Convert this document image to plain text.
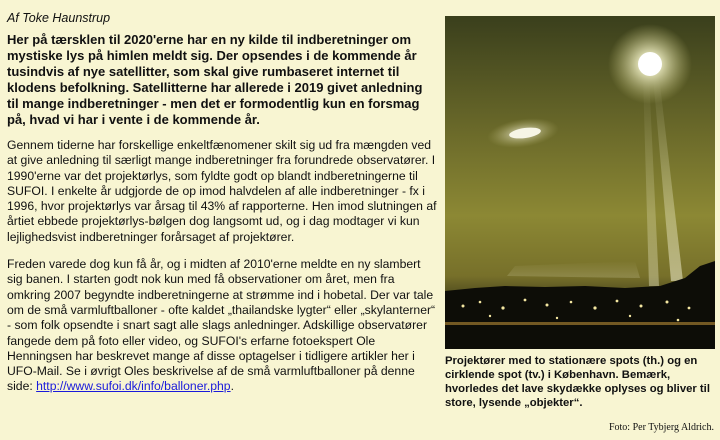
Af Toke Haunstrup

Her på tærsklen til 2020'erne har en ny kilde til indberetninger om mystiske lys på himlen meldt sig. Der opsendes i de kommende år tusindvis af nye satellitter, som skal give rumbaseret internet til klodens befolkning. Satellitterne har allerede i 2019 givet anledning til mange indberetninger - men det er formodentlig kun en forsmag på, hvad vi har i vente i de kommende år.

Gennem tiderne har forskellige enkeltfænomener skilt sig ud fra mængden ved at give anledning til særligt mange indberetninger fra forundrede observatører. I 1990'erne var det projektørlys, som fyldte godt op blandt indberetningerne til SUFOI. I enkelte år udgjorde de op imod halvdelen af alle indberetninger - fx i 1996, hvor projektørlys var årsag til 43% af rapporterne. Hen imod slutningen af årtiet ebbede projektørlys-bølgen dog langsomt ud, og i dag modtager vi kun lejlighedsvist indberetninger forårsaget af projektører.

Freden varede dog kun få år, og i midten af 2010'erne meldte en ny slambert sig banen. I starten godt nok kun med få observationer om året, men fra omkring 2007 begyndte indberetningerne at strømme ind i hobetal. Der var tale om de små varmluftballoner - ofte kaldet „thailandske lygter“ eller „skylanterner“ - som folk opsendte i snart sagt alle slags anledninger. Adskillige observatører fangede dem på foto eller video, og SUFOI's erfarne fotoekspert Ole Henningsen har beskrevet mange af disse optagelser i tidligere artikler her i UFO-Mail. Se i øvrigt Oles beskrivelse af de små varmluftballoner på denne side: http://www.sufoi.dk/info/balloner.php.

Projektører med to stationære spots (th.) og en cirklende spot (tv.) i København. Bemærk, hvorledes det lave skydække oplyses og bliver til store, lysende „objekter“.
Foto: Per Tybjerg Aldrich.
